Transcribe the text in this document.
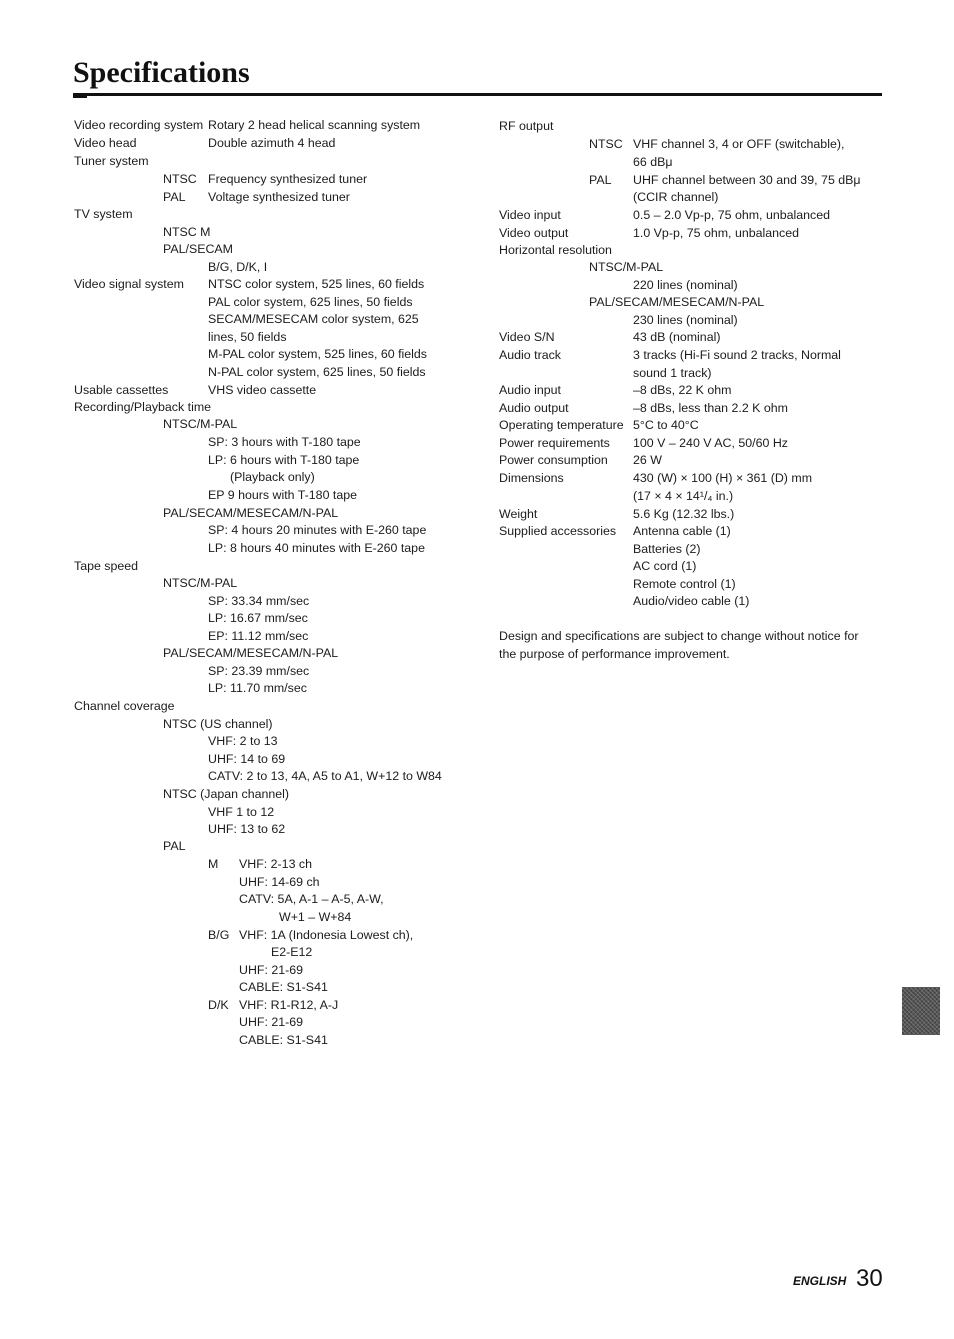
Specifications
Video recording system Rotary 2 head helical scanning system
Video head	Double azimuth 4 head
Tuner system
NTSC Frequency synthesized tuner
PAL Voltage synthesized tuner
TV system
NTSC M
PAL/SECAM
B/G, D/K, I
Video signal system NTSC color system, 525 lines, 60 fields
PAL color system, 625 lines, 50 fields
SECAM/MESECAM color system, 625
lines, 50 fields
M-PAL color system, 525 lines, 60 fields
N-PAL color system, 625 lines, 50 fields
Usable cassettes	VHS video cassette
Recording/Playback time
NTSC/M-PAL
SP: 3 hours with T-180 tape
LP: 6 hours with T-180 tape
(Playback only)
EP 9 hours with T-180 tape
PAL/SECAM/MESECAM/N-PAL
SP: 4 hours 20 minutes with E-260 tape
LP: 8 hours 40 minutes with E-260 tape
Tape speed
NTSC/M-PAL
SP: 33.34 mm/sec
LP: 16.67 mm/sec
EP: 11.12 mm/sec
PAL/SECAM/MESECAM/N-PAL
SP: 23.39 mm/sec
LP: 11.70 mm/sec
Channel coverage
NTSC (US channel)
VHF: 2 to 13
UHF: 14 to 69
CATV: 2 to 13, 4A, A5 to A1, W+12 to W84
NTSC (Japan channel)
VHF 1 to 12
UHF: 13 to 62
PAL
M VHF: 2-13 ch
UHF: 14-69 ch
CATV: 5A, A-1 – A-5, A-W,
W+1 – W+84
B/G VHF: 1A (Indonesia Lowest ch),
E2-E12
UHF: 21-69
CABLE: S1-S41
D/K VHF: R1-R12, A-J
UHF: 21-69
CABLE: S1-S41
RF output
NTSC VHF channel 3, 4 or OFF (switchable),
66 dBμ
PAL UHF channel between 30 and 39, 75 dBμ
(CCIR channel)
Video input	0.5 – 2.0 Vp-p, 75 ohm, unbalanced
Video output	1.0 Vp-p, 75 ohm, unbalanced
Horizontal resolution
NTSC/M-PAL
220 lines (nominal)
PAL/SECAM/MESECAM/N-PAL
230 lines (nominal)
Video S/N	43 dB (nominal)
Audio track	3 tracks (Hi-Fi sound 2 tracks, Normal
sound 1 track)
Audio input	–8 dBs, 22 K ohm
Audio output	–8 dBs, less than 2.2 K ohm
Operating temperature 5°C to 40°C
Power requirements 100 V – 240 V AC, 50/60 Hz
Power consumption 26 W
Dimensions	430 (W) × 100 (H) × 361 (D) mm
(17 × 4 × 14¹/₄ in.)
Weight	5.6 Kg (12.32 lbs.)
Supplied accessories Antenna cable (1)
Batteries (2)
AC cord (1)
Remote control (1)
Audio/video cable (1)
Design and specifications are subject to change without notice for
the purpose of performance improvement.
ENGLISH 30
